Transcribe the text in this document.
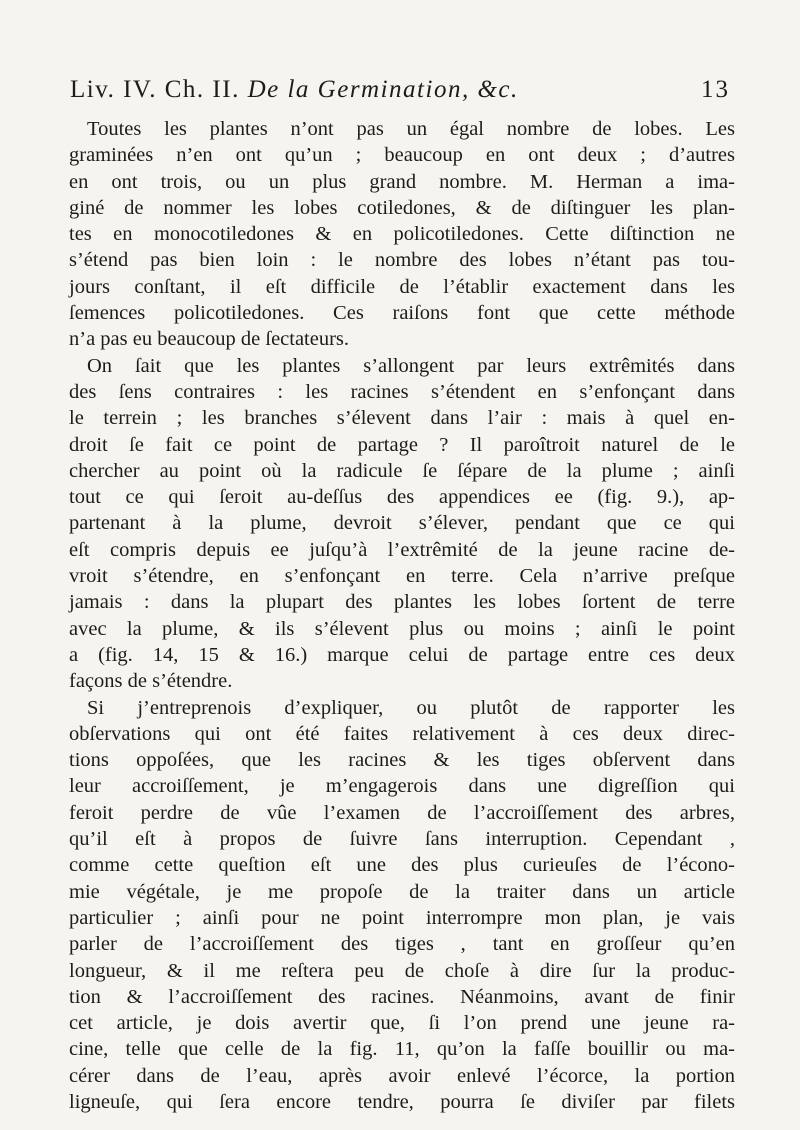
Liv. IV. Ch. II. De la Germination, &c.	13
Toutes les plantes n’ont pas un égal nombre de lobes. Les
graminées n’en ont qu’un ; beaucoup en ont deux ; d’autres
en ont trois, ou un plus grand nombre. M. Herman a ima-
giné de nommer les lobes cotiledones, & de diſtinguer les plan-
tes en monocotiledones & en policotiledones. Cette diſtinction ne
s’étend pas bien loin : le nombre des lobes n’étant pas tou-
jours conſtant, il eſt difficile de l’établir exactement dans les
ſemences policotiledones. Ces raiſons font que cette méthode
n’a pas eu beaucoup de ſectateurs.
On ſait que les plantes s’allongent par leurs extrêmités dans
des ſens contraires : les racines s’étendent en s’enfonçant dans
le terrein ; les branches s’élevent dans l’air : mais à quel en-
droit ſe fait ce point de partage ? Il paroîtroit naturel de le
chercher au point où la radicule ſe ſépare de la plume ; ainſi
tout ce qui ſeroit au-deſſus des appendices ee (fig. 9.), ap-
partenant à la plume, devroit s’élever, pendant que ce qui
eſt compris depuis ee juſqu’à l’extrêmité de la jeune racine de-
vroit s’étendre, en s’enfonçant en terre. Cela n’arrive preſque
jamais : dans la plupart des plantes les lobes ſortent de terre
avec la plume, & ils s’élevent plus ou moins ; ainſi le point
a (fig. 14, 15 & 16.) marque celui de partage entre ces deux
façons de s’étendre.
Si j’entreprenois d’expliquer, ou plutôt de rapporter les
obſervations qui ont été faites relativement à ces deux direc-
tions oppoſées, que les racines & les tiges obſervent dans
leur accroiſſement, je m’engagerois dans une digreſſion qui
feroit perdre de vûe l’examen de l’accroiſſement des arbres,
qu’il eſt à propos de ſuivre ſans interruption. Cependant ,
comme cette queſtion eſt une des plus curieuſes de l’écono-
mie végétale, je me propoſe de la traiter dans un article
particulier ; ainſi pour ne point interrompre mon plan, je vais
parler de l’accroiſſement des tiges , tant en groſſeur qu’en
longueur, & il me reſtera peu de choſe à dire ſur la produc-
tion & l’accroiſſement des racines. Néanmoins, avant de finir
cet article, je dois avertir que, ſi l’on prend une jeune ra-
cine, telle que celle de la fig. 11, qu’on la faſſe bouillir ou ma-
cérer dans de l’eau, après avoir enlevé l’écorce, la portion
ligneuſe, qui ſera encore tendre, pourra ſe diviſer par filets
